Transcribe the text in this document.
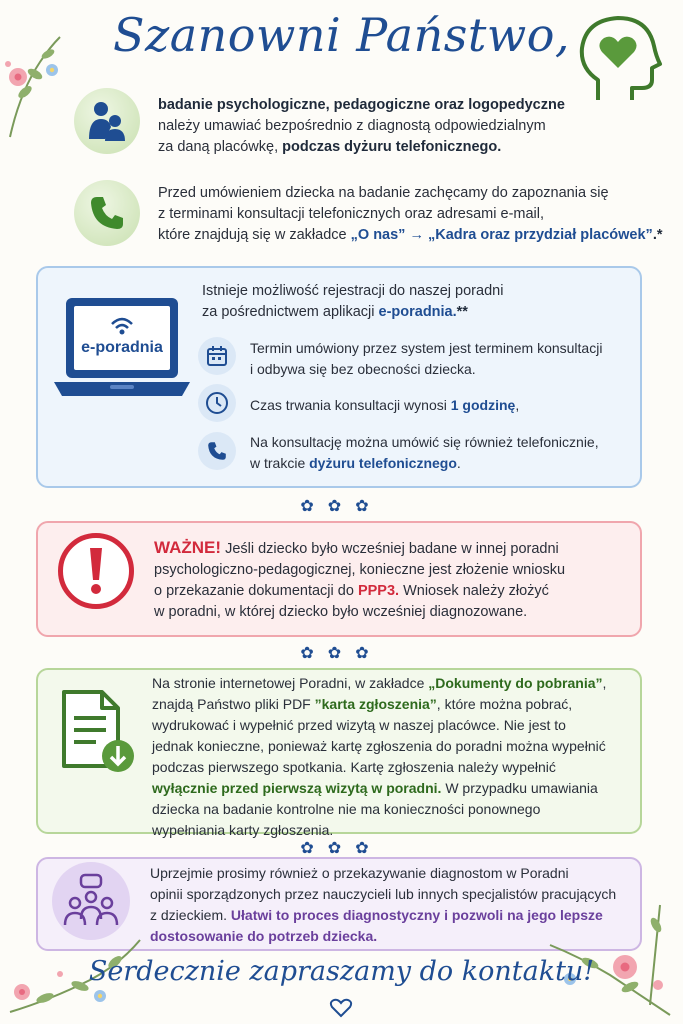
Szanowni Państwo,
badanie psychologiczne, pedagogiczne oraz logopedyczne
należy umawiać bezpośrednio z diagnostą odpowiedzialnym
za daną placówkę, podczas dyżuru telefonicznego.
Przed umówieniem dziecka na badanie zachęcamy do zapoznania się
z terminami konsultacji telefonicznych oraz adresami e-mail,
które znajdują się w zakładce „O nas” → „Kadra oraz przydział placówek”.*
e-poradnia
Istnieje możliwość rejestracji do naszej poradni
za pośrednictwem aplikacji e-poradnia.**
Termin umówiony przez system jest terminem konsultacji
i odbywa się bez obecności dziecka.
Czas trwania konsultacji wynosi 1 godzinę,
Na konsultację można umówić się również telefonicznie,
w trakcie dyżuru telefonicznego.
✿✿✿
WAŻNE! Jeśli dziecko było wcześniej badane w innej poradni
psychologiczno-pedagogicznej, konieczne jest złożenie wniosku
o przekazanie dokumentacji do PPP3. Wniosek należy złożyć
w poradni, w której dziecko było wcześniej diagnozowane.
✿✿✿
Na stronie internetowej Poradni, w zakładce „Dokumenty do pobrania”,
znajdą Państwo pliki PDF ”karta zgłoszenia”, które można pobrać,
wydrukować i wypełnić przed wizytą w naszej placówce. Nie jest to
jednak konieczne, ponieważ kartę zgłoszenia do poradni można wypełnić
podczas pierwszego spotkania. Kartę zgłoszenia należy wypełnić
wyłącznie przed pierwszą wizytą w poradni. W przypadku umawiania
dziecka na badanie kontrolne nie ma konieczności ponownego
wypełniania karty zgłoszenia.
✿✿✿
Uprzejmie prosimy również o przekazywanie diagnostom w Poradni
opinii sporządzonych przez nauczycieli lub innych specjalistów pracujących
z dzieckiem. Ułatwi to proces diagnostyczny i pozwoli na jego lepsze
dostosowanie do potrzeb dziecka.
Serdecznie zapraszamy do kontaktu!
